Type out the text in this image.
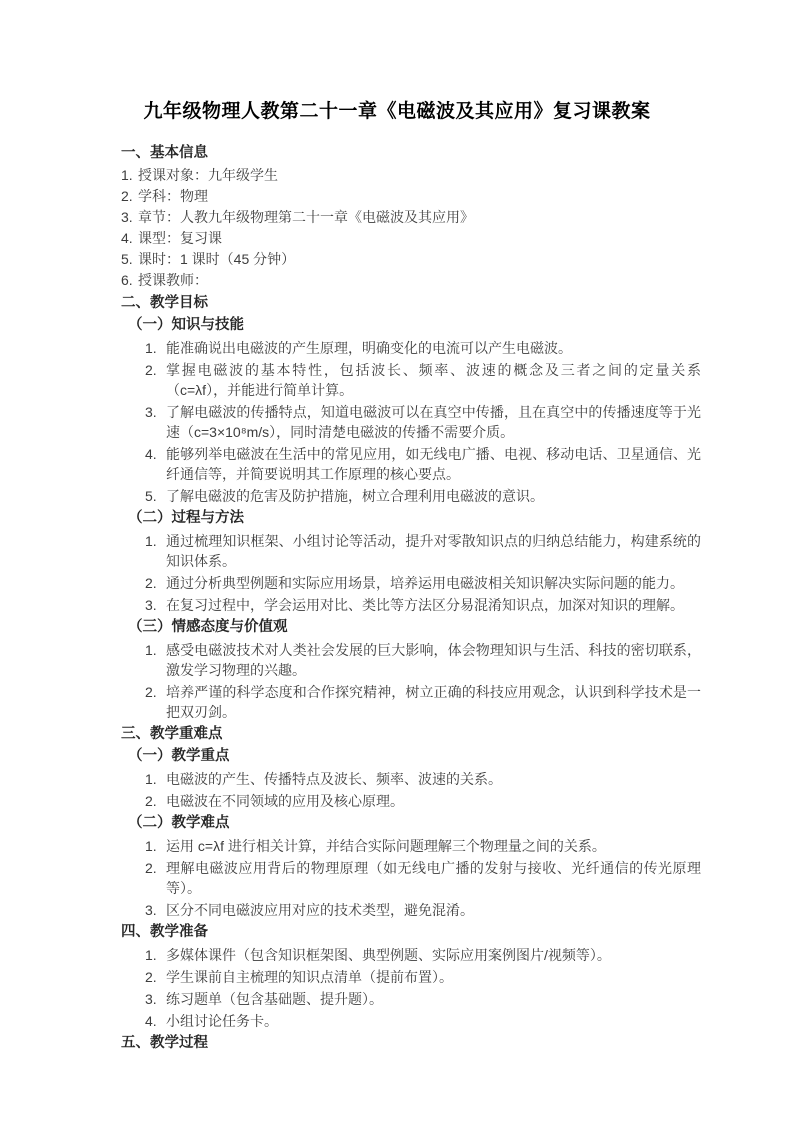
九年级物理人教第二十一章《电磁波及其应用》复习课教案
一、基本信息
1. 授课对象：九年级学生
2. 学科：物理
3. 章节：人教九年级物理第二十一章《电磁波及其应用》
4. 课型：复习课
5. 课时：1 课时（45 分钟）
6. 授课教师：
二、教学目标
（一）知识与技能
1. 能准确说出电磁波的产生原理，明确变化的电流可以产生电磁波。
2. 掌握电磁波的基本特性，包括波长、频率、波速的概念及三者之间的定量关系（c=λf），并能进行简单计算。
3. 了解电磁波的传播特点，知道电磁波可以在真空中传播，且在真空中的传播速度等于光速（c=3×10⁸m/s），同时清楚电磁波的传播不需要介质。
4. 能够列举电磁波在生活中的常见应用，如无线电广播、电视、移动电话、卫星通信、光纤通信等，并简要说明其工作原理的核心要点。
5. 了解电磁波的危害及防护措施，树立合理利用电磁波的意识。
（二）过程与方法
1. 通过梳理知识框架、小组讨论等活动，提升对零散知识点的归纳总结能力，构建系统的知识体系。
2. 通过分析典型例题和实际应用场景，培养运用电磁波相关知识解决实际问题的能力。
3. 在复习过程中，学会运用对比、类比等方法区分易混淆知识点，加深对知识的理解。
（三）情感态度与价值观
1. 感受电磁波技术对人类社会发展的巨大影响，体会物理知识与生活、科技的密切联系，激发学习物理的兴趣。
2. 培养严谨的科学态度和合作探究精神，树立正确的科技应用观念，认识到科学技术是一把双刃剑。
三、教学重难点
（一）教学重点
1. 电磁波的产生、传播特点及波长、频率、波速的关系。
2. 电磁波在不同领域的应用及核心原理。
（二）教学难点
1. 运用 c=λf 进行相关计算，并结合实际问题理解三个物理量之间的关系。
2. 理解电磁波应用背后的物理原理（如无线电广播的发射与接收、光纤通信的传光原理等）。
3. 区分不同电磁波应用对应的技术类型，避免混淆。
四、教学准备
1. 多媒体课件（包含知识框架图、典型例题、实际应用案例图片/视频等）。
2. 学生课前自主梳理的知识点清单（提前布置）。
3. 练习题单（包含基础题、提升题）。
4. 小组讨论任务卡。
五、教学过程
